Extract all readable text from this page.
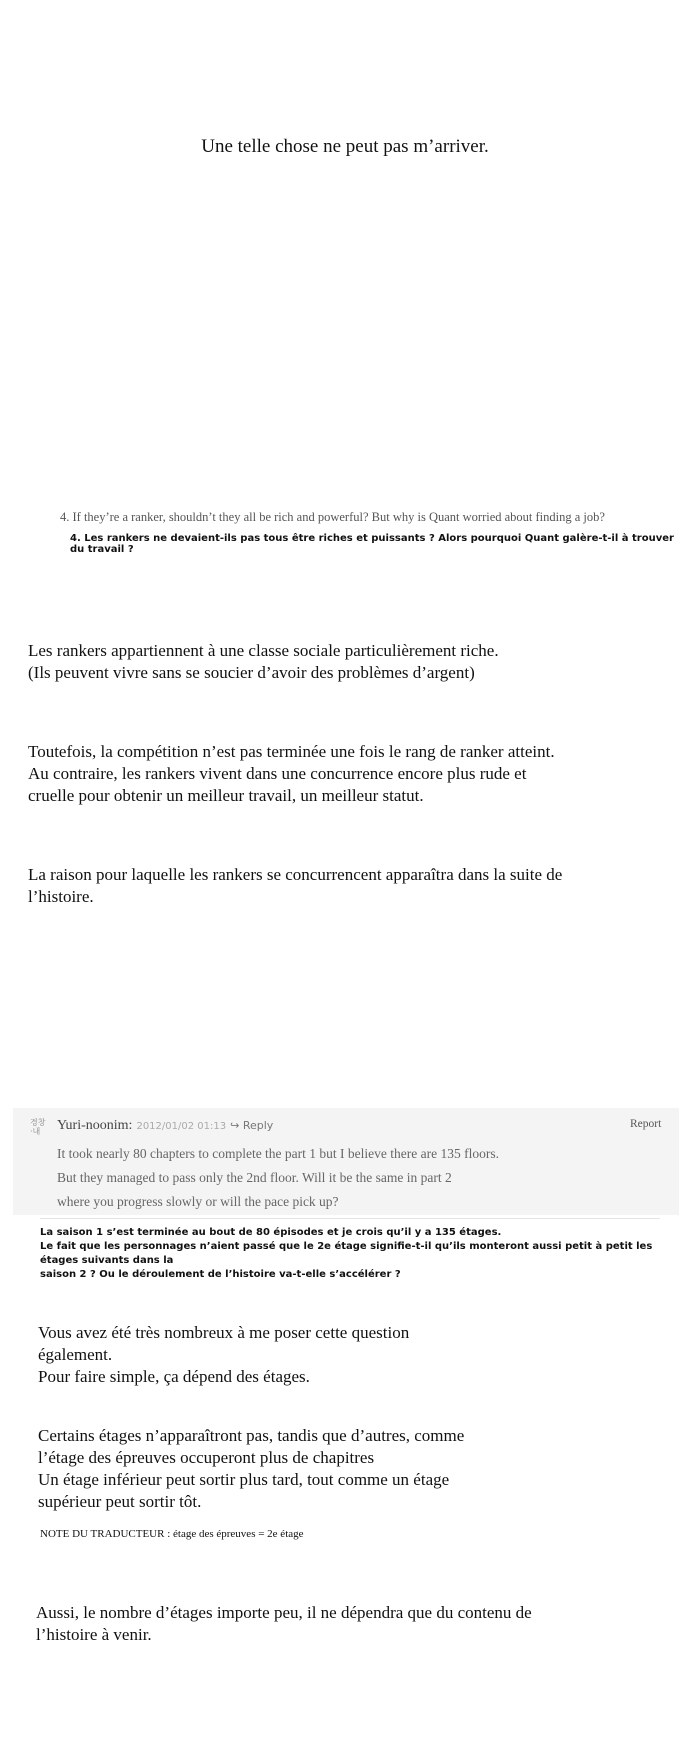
Une telle chose ne peut pas m’arriver.
4. If they’re a ranker, shouldn’t they all be rich and powerful? But why is Quant worried about finding a job?
4. Les rankers ne devaient-ils pas tous être riches et puissants ? Alors pourquoi Quant galère-t-il à trouver du travail ?
Les rankers appartiennent à une classe sociale particulièrement riche.
(Ils peuvent vivre sans se soucier d’avoir des problèmes d’argent)
Toutefois, la compétition n’est pas terminée une fois le rang de ranker atteint.
Au contraire, les rankers vivent dans une concurrence encore plus rude et
cruelle pour obtenir un meilleur travail, un meilleur statut.
La raison pour laquelle les rankers se concurrencent apparaîtra dans la suite de
l’histoire.
경창 ·내	Yuri-noonim: 2012/01/02 01:13 ↪ Reply	Report
It took nearly 80 chapters to complete the part 1 but I believe there are 135 floors.
But they managed to pass only the 2nd floor. Will it be the same in part 2
where you progress slowly or will the pace pick up?
La saison 1 s’est terminée au bout de 80 épisodes et je crois qu’il y a 135 étages.
Le fait que les personnages n’aient passé que le 2e étage signifie-t-il qu’ils monteront aussi petit à petit les étages suivants dans la
saison 2 ? Ou le déroulement de l’histoire va-t-elle s’accélérer ?
Vous avez été très nombreux à me poser cette question
également.
Pour faire simple, ça dépend des étages.
Certains étages n’apparaîtront pas, tandis que d’autres, comme
l’étage des épreuves occuperont plus de chapitres
Un étage inférieur peut sortir plus tard, tout comme un étage
supérieur peut sortir tôt.
NOTE DU TRADUCTEUR : étage des épreuves = 2e étage
Aussi, le nombre d’étages importe peu, il ne dépendra que du contenu de
l’histoire à venir.
